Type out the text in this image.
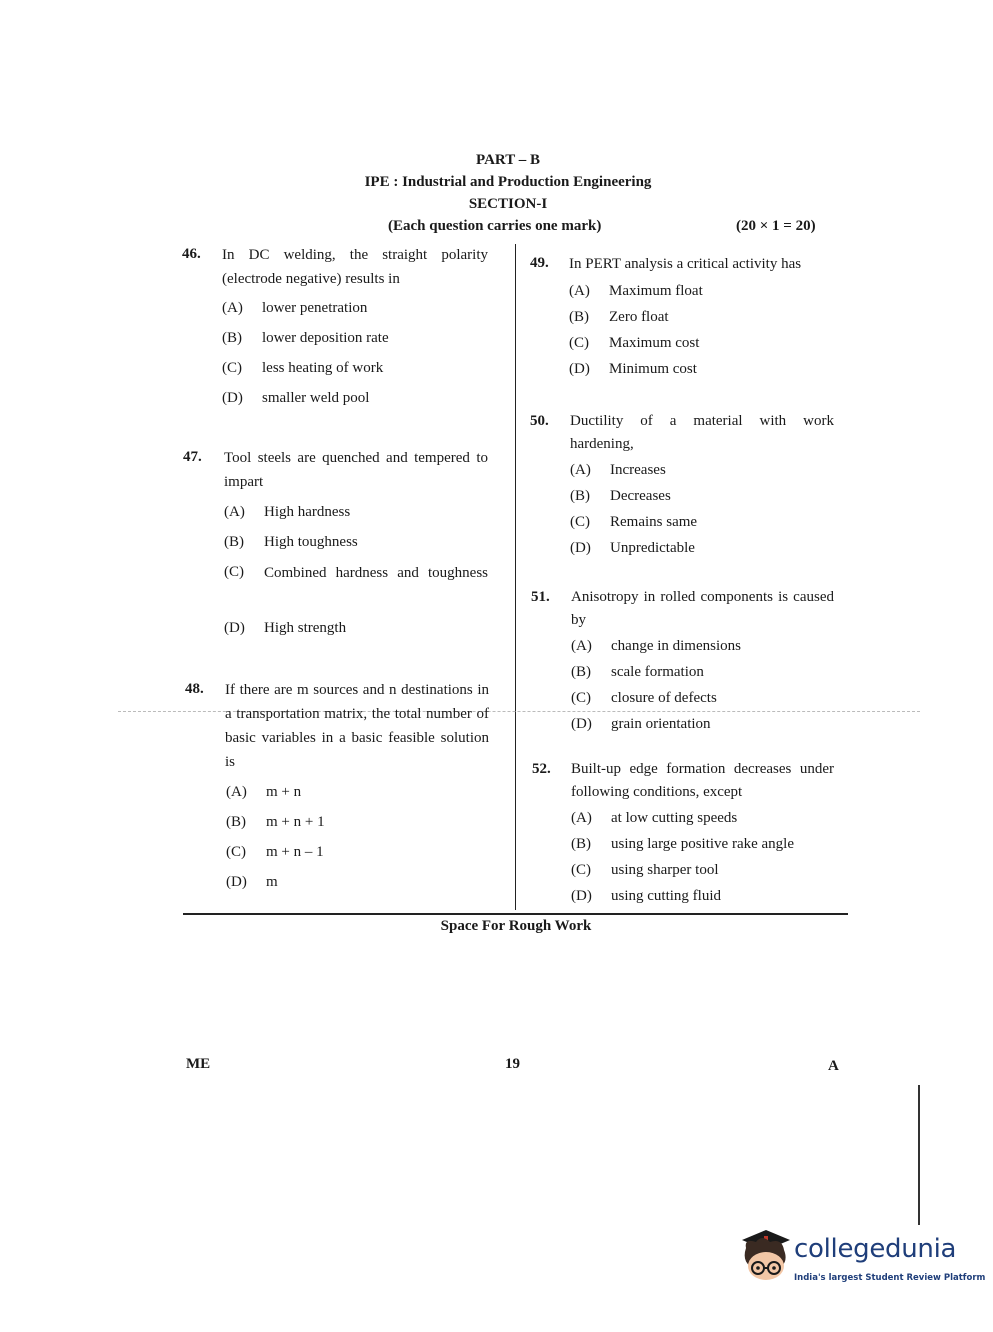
PART – B
IPE : Industrial and Production Engineering
SECTION-I
(Each question carries one mark)	(20 × 1 = 20)
46. In DC welding, the straight polarity (electrode negative) results in
(A) lower penetration
(B) lower deposition rate
(C) less heating of work
(D) smaller weld pool
47. Tool steels are quenched and tempered to impart
(A) High hardness
(B) High toughness
(C)	Combined hardness and toughness
(D) High strength
48. If there are m sources and n destinations in a transportation matrix, the total number of basic variables in a basic feasible solution is
(A) m + n
(B) m + n + 1
(C) m + n – 1
(D) m
49. In PERT analysis a critical activity has
(A) Maximum float
(B) Zero float
(C) Maximum cost
(D) Minimum cost
50. Ductility of a material with work hardening,
(A) Increases
(B) Decreases
(C) Remains same
(D) Unpredictable
51. Anisotropy in rolled components is caused by
(A) change in dimensions
(B) scale formation
(C) closure of defects
(D) grain orientation
52. Built-up edge formation decreases under following conditions, except
(A) at low cutting speeds
(B) using large positive rake angle
(C) using sharper tool
(D) using cutting fluid
Space For Rough Work
ME	19	A
collegedunia
India's largest Student Review Platform
